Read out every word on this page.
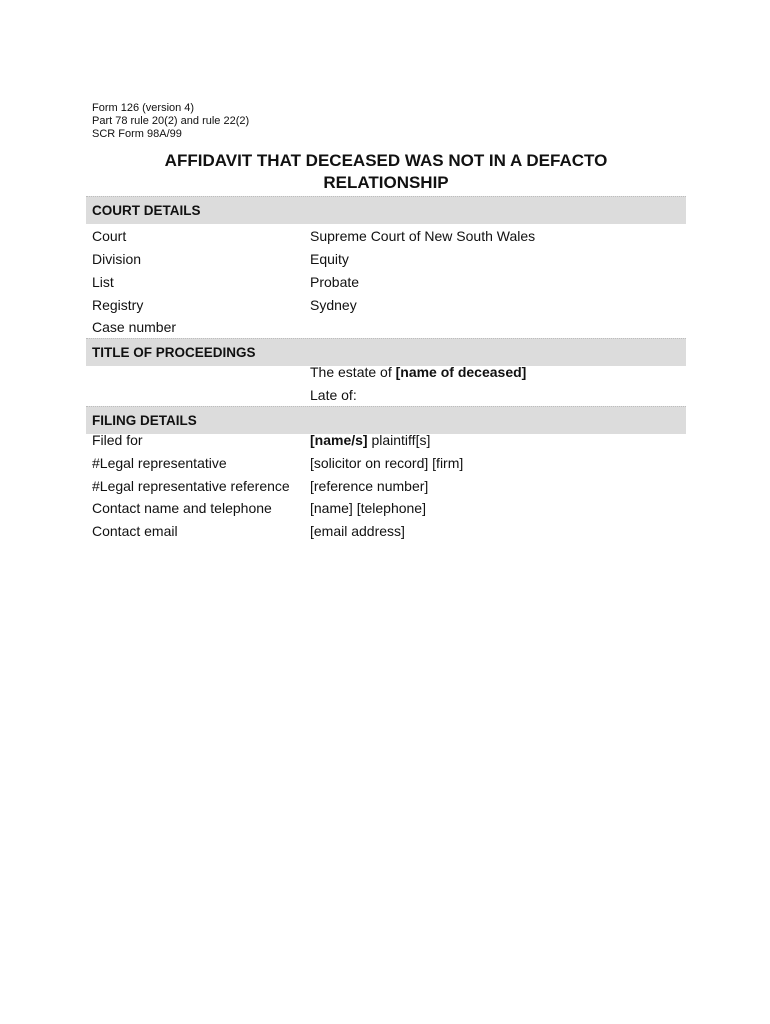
Form 126 (version 4)
Part 78 rule 20(2) and rule 22(2)
SCR Form 98A/99
AFFIDAVIT THAT DECEASED WAS NOT IN A DEFACTO
RELATIONSHIP
COURT DETAILS
Court	Supreme Court of New South Wales
Division	Equity
List	Probate
Registry	Sydney
Case number
TITLE OF PROCEEDINGS
The estate of [name of deceased]
Late of:
FILING DETAILS
Filed for	[name/s] plaintiff[s]
#Legal representative	[solicitor on record] [firm]
#Legal representative reference [reference number]
Contact name and telephone	[name] [telephone]
Contact email	[email address]
